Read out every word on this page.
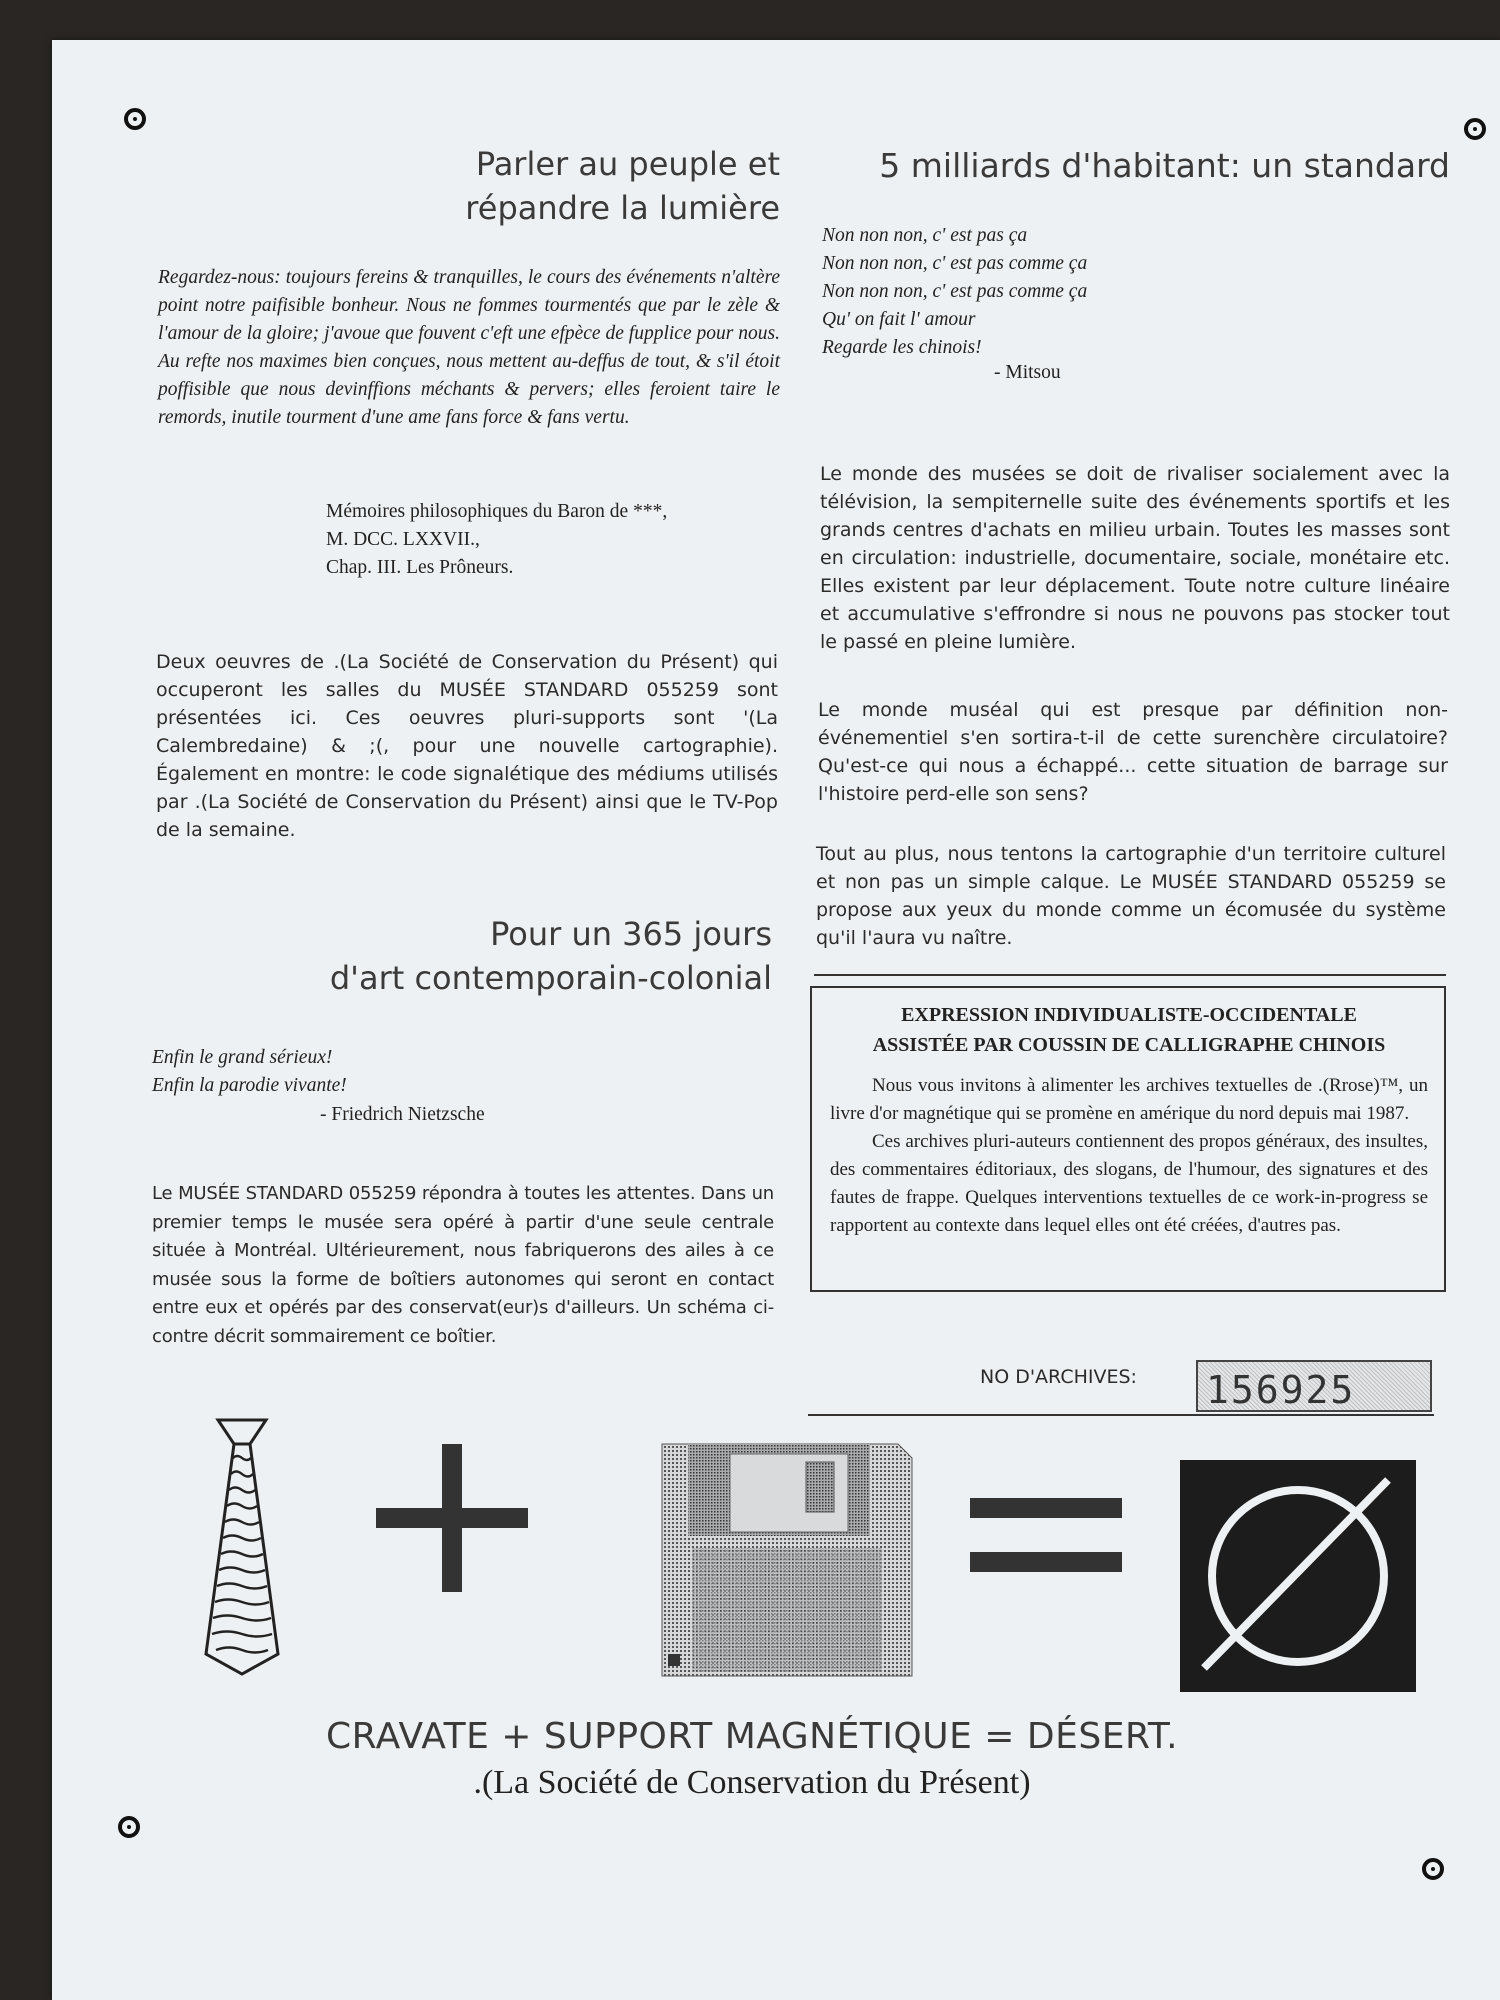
Parler au peuple et
répandre la lumière

Regardez-nous: toujours fereins & tranquilles, le cours des événements n'altère point notre paifisible bonheur. Nous ne fommes tourmentés que par le zèle & l'amour de la gloire; j'avoue que fouvent c'eft une efpèce de fupplice pour nous. Au refte nos maximes bien conçues, nous mettent au-deffus de tout, & s'il étoit poffisible que nous devinffions méchants & pervers; elles feroient taire le remords, inutile tourment d'une ame fans force & fans vertu.

Mémoires philosophiques du Baron de ***,
M. DCC. LXXVII.,
Chap. III. Les Prôneurs.

Deux oeuvres de .(La Société de Conservation du Présent) qui occuperont les salles du MUSÉE STANDARD 055259 sont présentées ici. Ces oeuvres pluri-supports sont '(La Calembredaine) & ;(, pour une nouvelle cartographie). Également en montre: le code signalétique des médiums utilisés par .(La Société de Conservation du Présent) ainsi que le TV-Pop de la semaine.

Pour un 365 jours
d'art contemporain-colonial
Enfin le grand sérieux!
Enfin la parodie vivante!
- Friedrich Nietzsche

Le MUSÉE STANDARD 055259 répondra à toutes les attentes. Dans un premier temps le musée sera opéré à partir d'une seule centrale située à Montréal. Ultérieurement, nous fabriquerons des ailes à ce musée sous la forme de boîtiers autonomes qui seront en contact entre eux et opérés par des conservat(eur)s d'ailleurs. Un schéma ci-contre décrit sommairement ce boîtier.

5 milliards d'habitant: un standard
Non non non, c' est pas ça
Non non non, c' est pas comme ça
Non non non, c' est pas comme ça
Qu' on fait l' amour
Regarde les chinois!
- Mitsou

Le monde des musées se doit de rivaliser socialement avec la télévision, la sempiternelle suite des événements sportifs et les grands centres d'achats en milieu urbain. Toutes les masses sont en circulation: industrielle, documentaire, sociale, monétaire etc. Elles existent par leur déplacement. Toute notre culture linéaire et accumulative s'effrondre si nous ne pouvons pas stocker tout le passé en pleine lumière.

Le monde muséal qui est presque par définition non-événementiel s'en sortira-t-il de cette surenchère circulatoire? Qu'est-ce qui nous a échappé... cette situation de barrage sur l'histoire perd-elle son sens?

Tout au plus, nous tentons la cartographie d'un territoire culturel et non pas un simple calque. Le MUSÉE STANDARD 055259 se propose aux yeux du monde comme un écomusée du système qu'il l'aura vu naître.

EXPRESSION INDIVIDUALISTE-OCCIDENTALE
ASSISTÉE PAR COUSSIN DE CALLIGRAPHE CHINOIS

Nous vous invitons à alimenter les archives textuelles de .(Rrose)™, un livre d'or magnétique qui se promène en amérique du nord depuis mai 1987.

Ces archives pluri-auteurs contiennent des propos généraux, des insultes, des commentaires éditoriaux, des slogans, de l'humour, des signatures et des fautes de frappe. Quelques interventions textuelles de ce work-in-progress se rapportent au contexte dans lequel elles ont été créées, d'autres pas.

NO D'ARCHIVES: 156925
CRAVATE + SUPPORT MAGNÉTIQUE = DÉSERT.
.(La Société de Conservation du Présent)
